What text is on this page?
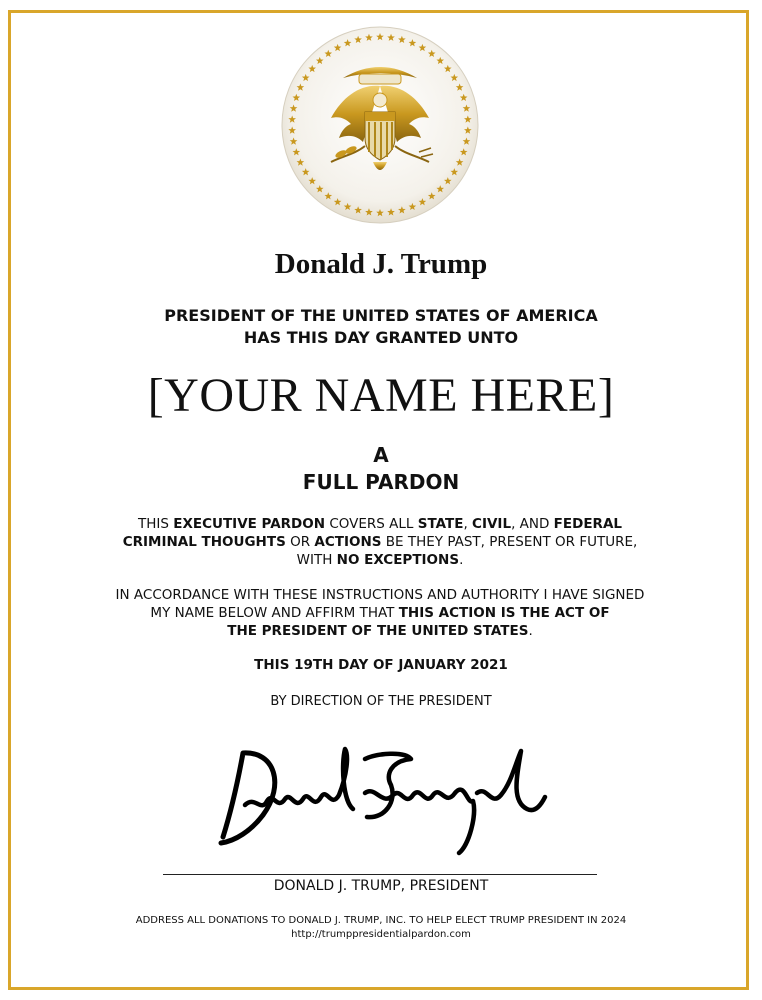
Donald J. Trump
PRESIDENT OF THE UNITED STATES OF AMERICA
HAS THIS DAY GRANTED UNTO
[YOUR NAME HERE]
A
FULL PARDON
THIS EXECUTIVE PARDON COVERS ALL STATE, CIVIL, AND FEDERAL
CRIMINAL THOUGHTS OR ACTIONS BE THEY PAST, PRESENT OR FUTURE,
WITH NO EXCEPTIONS.
IN ACCORDANCE WITH THESE INSTRUCTIONS AND AUTHORITY I HAVE SIGNED
MY NAME BELOW AND AFFIRM THAT THIS ACTION IS THE ACT OF
THE PRESIDENT OF THE UNITED STATES.
THIS 19TH DAY OF JANUARY 2021
BY DIRECTION OF THE PRESIDENT
DONALD J. TRUMP, PRESIDENT
ADDRESS ALL DONATIONS TO DONALD J. TRUMP, INC. TO HELP ELECT TRUMP PRESIDENT IN 2024
http://trumppresidentialpardon.com
